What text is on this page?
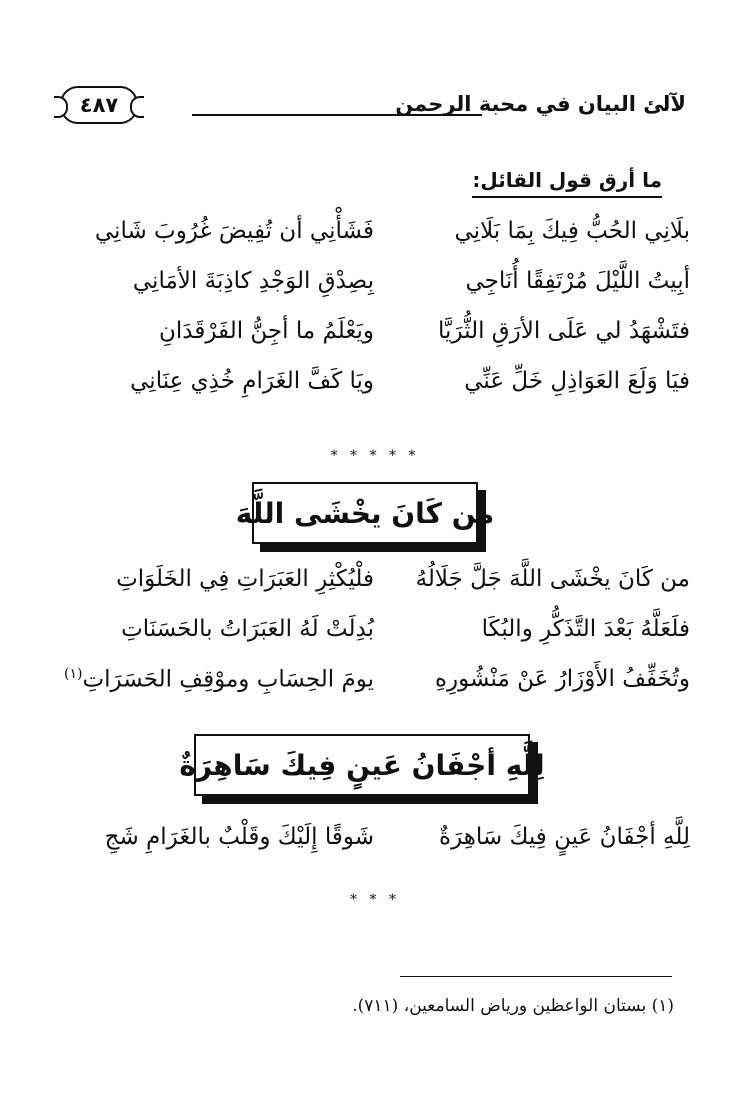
لآلئ البيان في محبة الرحمن
٤٨٧
ما أرق قول القائل:
بلَانِي الحُبُّ فِيكَ بِمَا بَلَانِي
فَشَأْنِي أن تُفِيضَ غُرُوبَ شَانِي
أبِيتُ اللَّيْلَ مُرْتَفِقًا أُنَاجِي
بِصِدْقِ الوَجْدِ كاذِبَةَ الأمَانِي
فتَشْهَدُ لي عَلَى الأرَقِ الثُّرَيَّا
ويَعْلَمُ ما أجِنُّ الفَرْقَدَانِ
فيَا وَلَعَ العَوَاذِلِ خَلِّ عَنِّي
ويَا كَفَّ الغَرَامِ خُذِي عِنَانِي
* * * * *
من كَانَ يخْشَى اللَّهَ
من كَانَ يخْشَى اللَّهَ جَلَّ جَلَالُهُ
فلْيُكْثِرِ العَبَرَاتِ فِي الخَلَوَاتِ
فلَعَلَّهُ بَعْدَ التَّذَكُّرِ والبُكَا
بُدِلَتْ لَهُ العَبَرَاتُ بالحَسَنَاتِ
وتُخَفِّفُ الأَوْزَارُ عَنْ مَنْشُورِهِ
يومَ الحِسَابِ وموْقِفِ الحَسَرَاتِ$^{(١)}$
لِلَّهِ أجْفَانُ عَينٍ فِيكَ سَاهِرَةٌ
لِلَّهِ أجْفَانُ عَينٍ فِيكَ سَاهِرَةٌ
شَوقًا إِلَيْكَ وقَلْبٌ بالغَرَامِ شَجِ
* * *
(١) بستان الواعظين ورياض السامعين، (٧١١).
